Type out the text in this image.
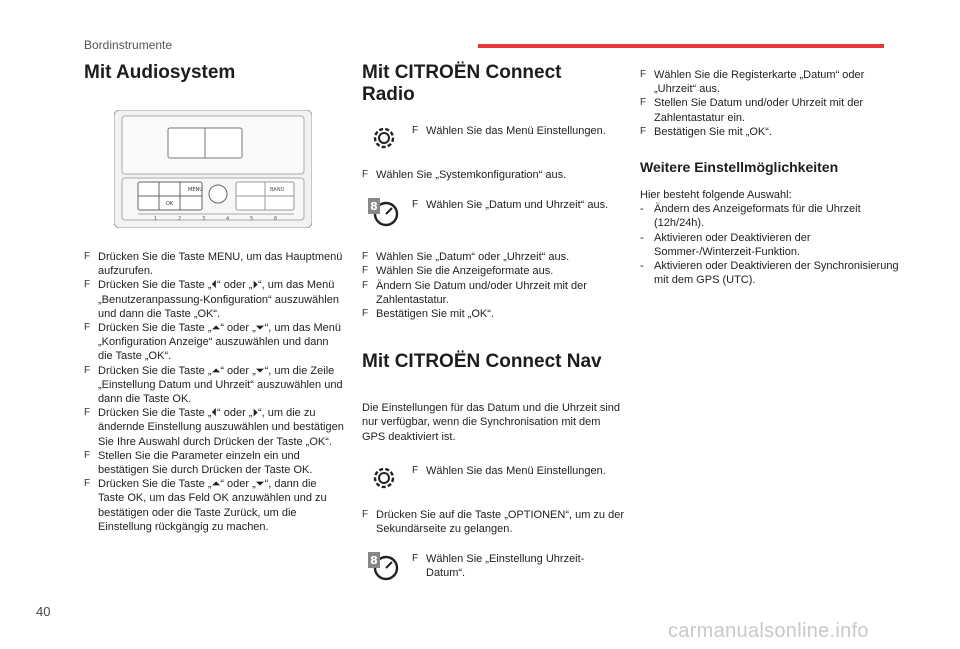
Bordinstrumente
Mit Audiosystem
MENU
OK
BAND
1	2	3	4	5	6
F Drücken Sie die Taste MENU, um das Hauptmenü aufzurufen.
F Drücken Sie die Taste „⏴“ oder „⏵“, um das Menü „Benutzeranpassung-Konfiguration“ auszuwählen und dann die Taste „OK“.
F Drücken Sie die Taste „⏶“ oder „⏷“, um das Menü „Konfiguration Anzeige“ auszuwählen und dann die Taste „OK“.
F Drücken Sie die Taste „⏶“ oder „⏷“, um die Zeile „Einstellung Datum und Uhrzeit“ auszuwählen und dann die Taste OK.
F Drücken Sie die Taste „⏴“ oder „⏵“, um die zu ändernde Einstellung auszuwählen und bestätigen Sie Ihre Auswahl durch Drücken der Taste „OK“.
F Stellen Sie die Parameter einzeln ein und bestätigen Sie durch Drücken der Taste OK.
F Drücken Sie die Taste „⏶“ oder „⏷“, dann die Taste OK, um das Feld OK anzuwählen und zu bestätigen oder die Taste Zurück, um die Einstellung rückgängig zu machen.
Mit CITROËN Connect
Radio
F Wählen Sie das Menü Einstellungen.
F Wählen Sie „Systemkonfiguration“ aus.
8	F Wählen Sie „Datum und Uhrzeit“ aus.
F Wählen Sie „Datum“ oder „Uhrzeit“ aus.
F Wählen Sie die Anzeigeformate aus.
F Ändern Sie Datum und/oder Uhrzeit mit der Zahlentastatur.
F Bestätigen Sie mit „OK“.
Mit CITROËN Connect Nav

Die Einstellungen für das Datum und die Uhrzeit sind nur verfügbar, wenn die Synchronisation mit dem GPS deaktiviert ist.

F Wählen Sie das Menü Einstellungen.
F Drücken Sie auf die Taste „OPTIONEN“, um zu der Sekundärseite zu gelangen.
8	F Wählen Sie „Einstellung Uhrzeit-Datum“.
F Wählen Sie die Registerkarte „Datum“ oder „Uhrzeit“ aus.
F Stellen Sie Datum und/oder Uhrzeit mit der Zahlentastatur ein.
F Bestätigen Sie mit „OK“.
Weitere Einstellmöglichkeiten

Hier besteht folgende Auswahl:

- Ändern des Anzeigeformats für die Uhrzeit (12h/24h).
- Aktivieren oder Deaktivieren der Sommer-/Winterzeit-Funktion.
- Aktivieren oder Deaktivieren der Synchronisierung mit dem GPS (UTC).
40
carmanualsonline.info
